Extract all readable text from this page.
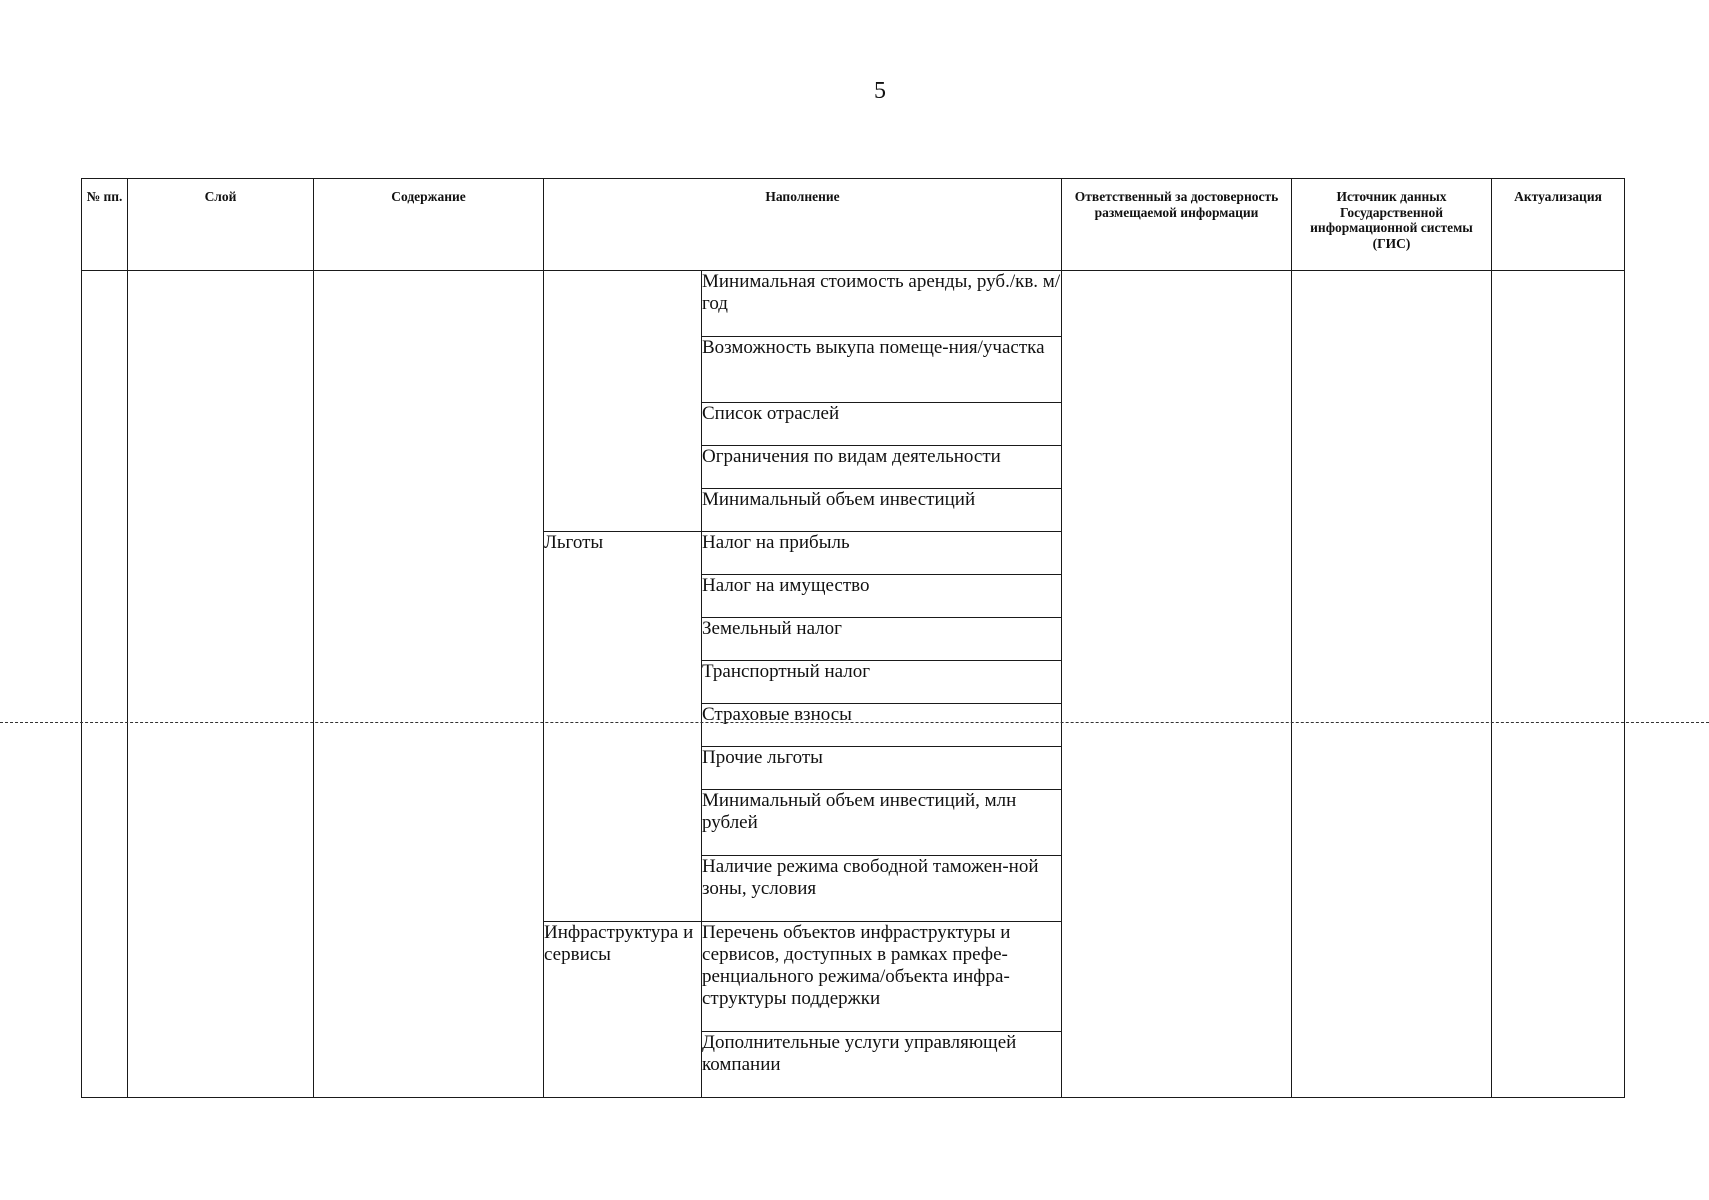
5
№ пп.	Слой	Содержание	Наполнение		Ответственный за достоверность размещаемой информации	Источник данных Государственной информационной системы (ГИС)	Актуализация
				Минимальная стоимость аренды, руб./кв. м/год			
				Возможность выкупа помеще-ния/участка			
				Список отраслей			
				Ограничения по видам деятельности			
				Минимальный объем инвестиций			
			Льготы	Налог на прибыль			
				Налог на имущество			
				Земельный налог			
				Транспортный налог			
				Страховые взносы			
				Прочие льготы			
				Минимальный объем инвестиций, млн рублей			
				Наличие режима свободной таможен-ной зоны, условия			
			Инфраструктура и сервисы	Перечень объектов инфраструктуры и сервисов, доступных в рамках префе-ренциального режима/объекта инфра-структуры поддержки			
				Дополнительные услуги управляющей компании			
